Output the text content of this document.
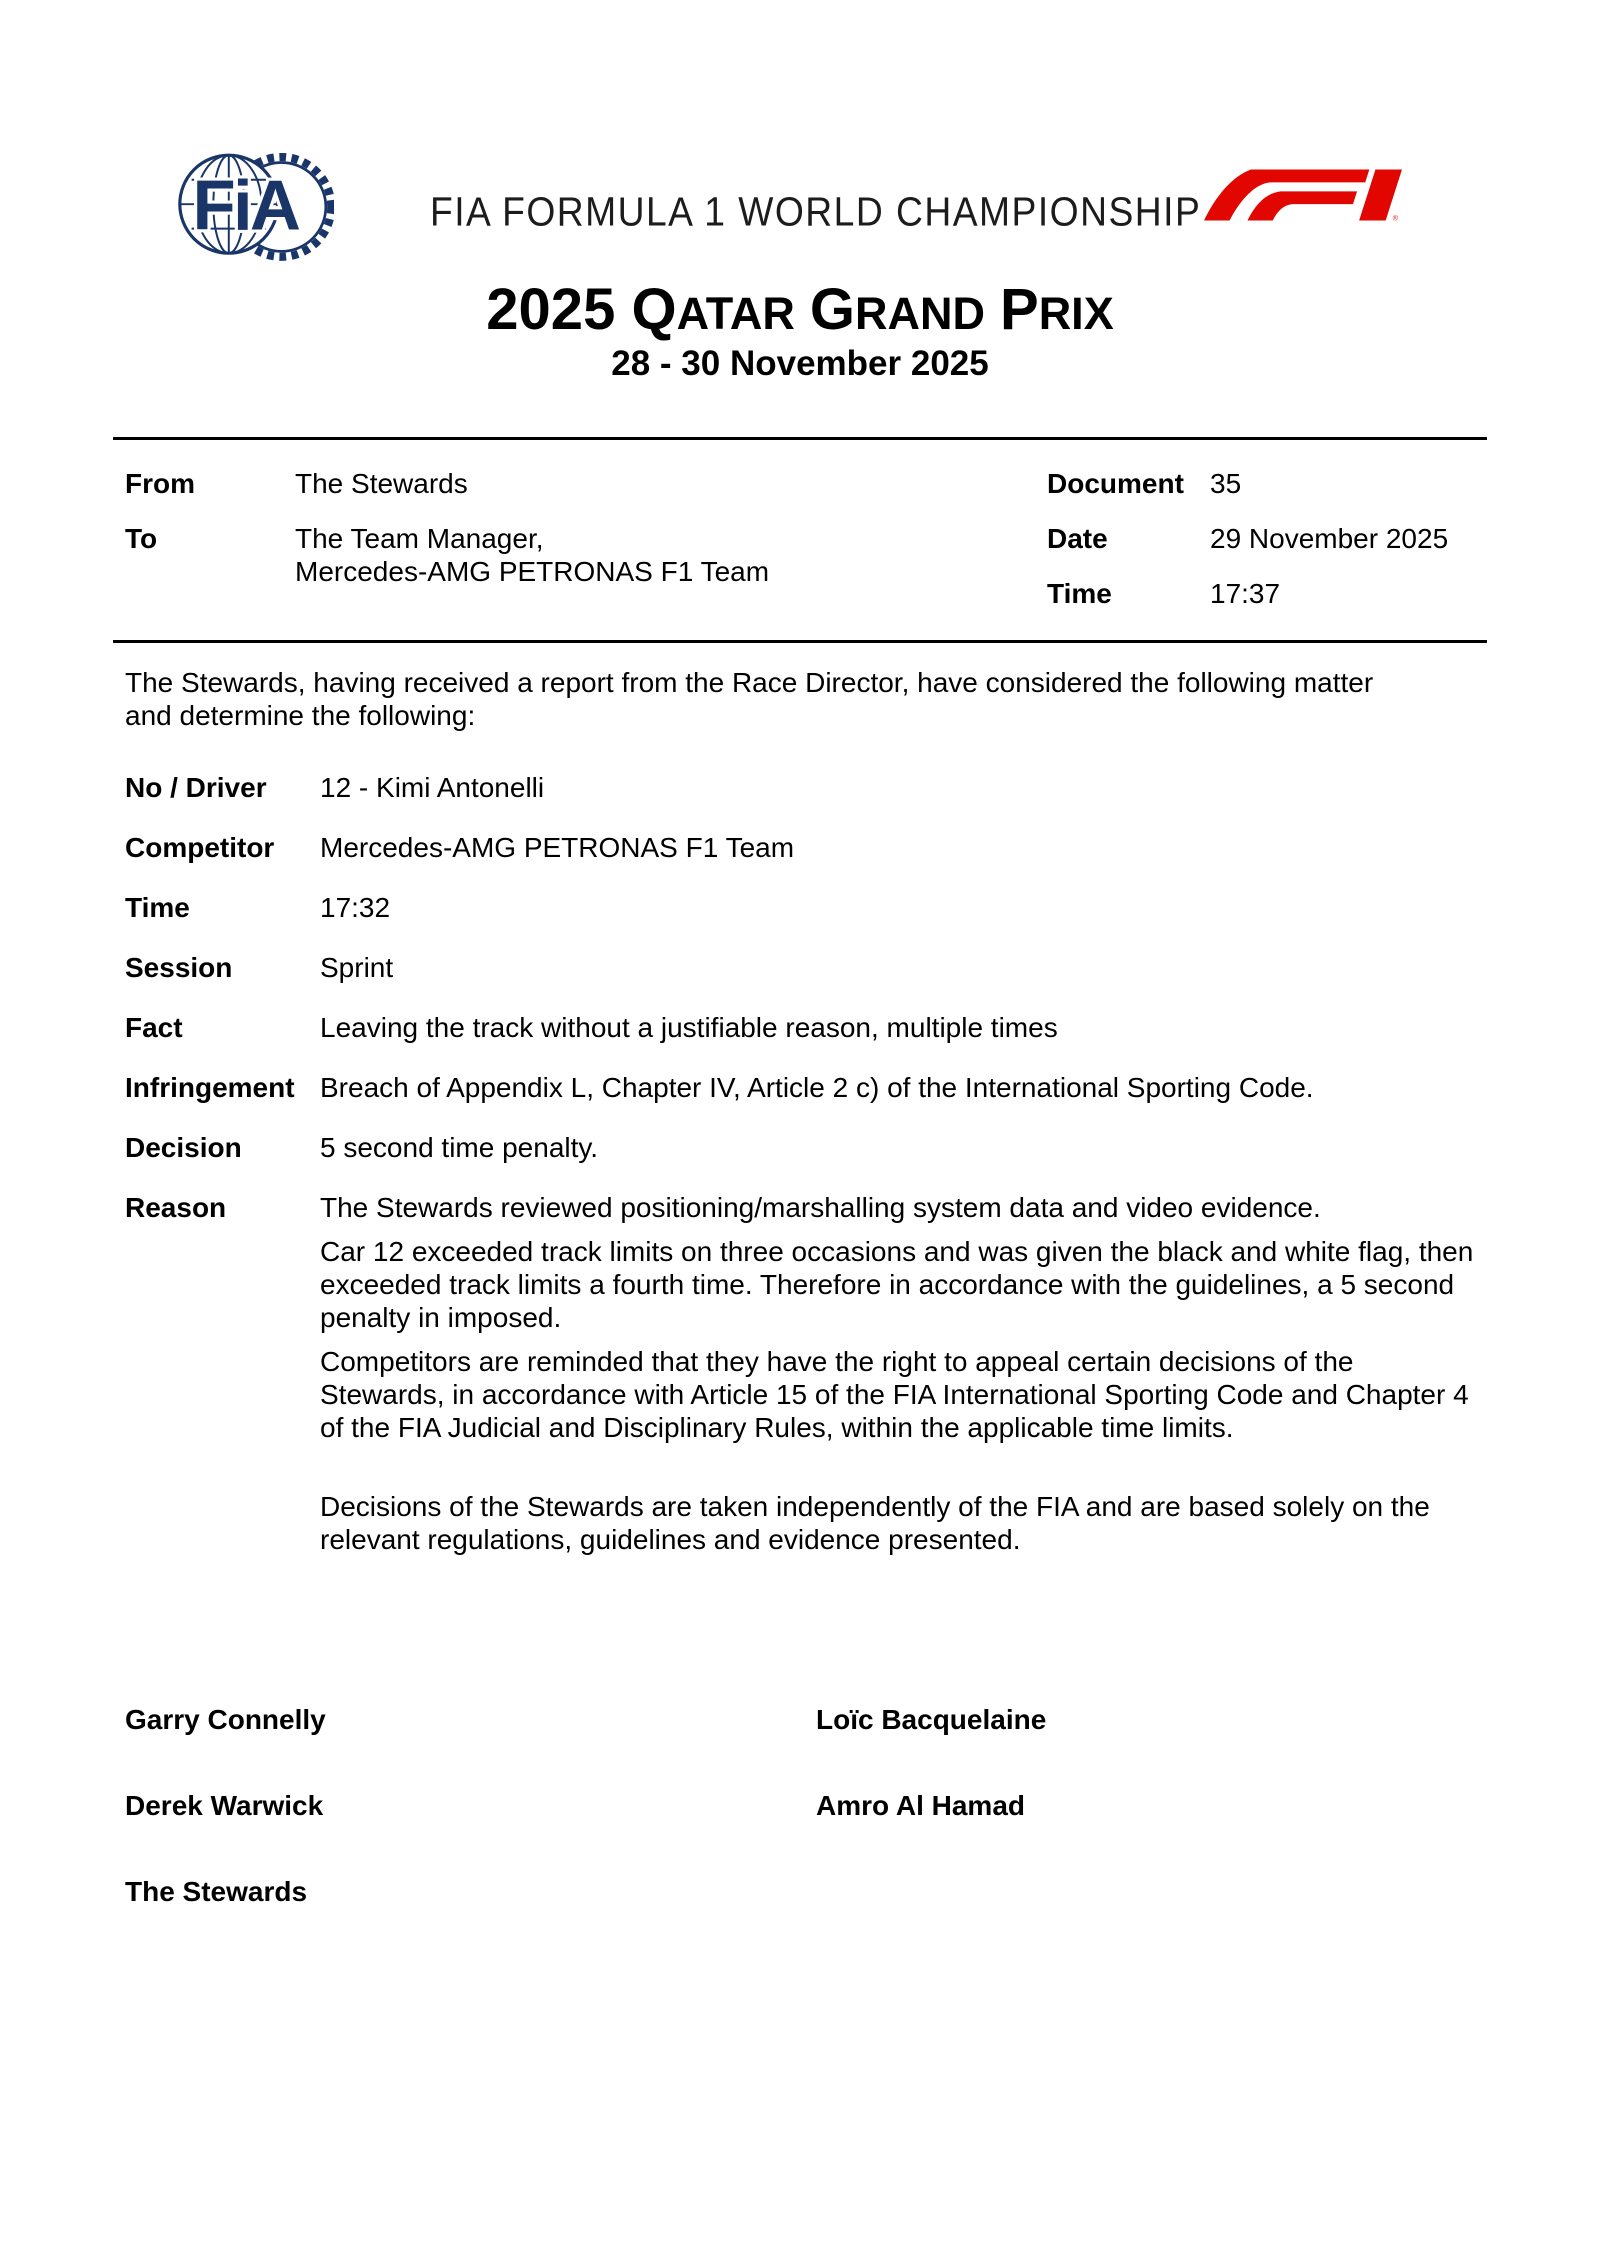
FiA	FIA FORMULA 1 WORLD CHAMPIONSHIP	®
2025 QATAR GRAND PRIX
28 - 30 November 2025
From	The Stewards
To	The Team Manager,
Mercedes-AMG PETRONAS F1 Team
Document 35
Date	29 November 2025
Time	17:37
The Stewards, having received a report from the Race Director, have considered the following matter and determine the following:
No / Driver 12 - Kimi Antonelli
Competitor Mercedes-AMG PETRONAS F1 Team
Time	17:32
Session	Sprint
Fact	Leaving the track without a justifiable reason, multiple times
Infringement Breach of Appendix L, Chapter IV, Article 2 c) of the International Sporting Code.
Decision	5 second time penalty.
Reason	The Stewards reviewed positioning/marshalling system data and video evidence.

Car 12 exceeded track limits on three occasions and was given the black and white flag, then exceeded track limits a fourth time. Therefore in accordance with the guidelines, a 5 second penalty in imposed.

Competitors are reminded that they have the right to appeal certain decisions of the Stewards, in accordance with Article 15 of the FIA International Sporting Code and Chapter 4 of the FIA Judicial and Disciplinary Rules, within the applicable time limits.

Decisions of the Stewards are taken independently of the FIA and are based solely on the relevant regulations, guidelines and evidence presented.

Garry Connelly	Loïc Bacquelaine
Derek Warwick	Amro Al Hamad
The Stewards
